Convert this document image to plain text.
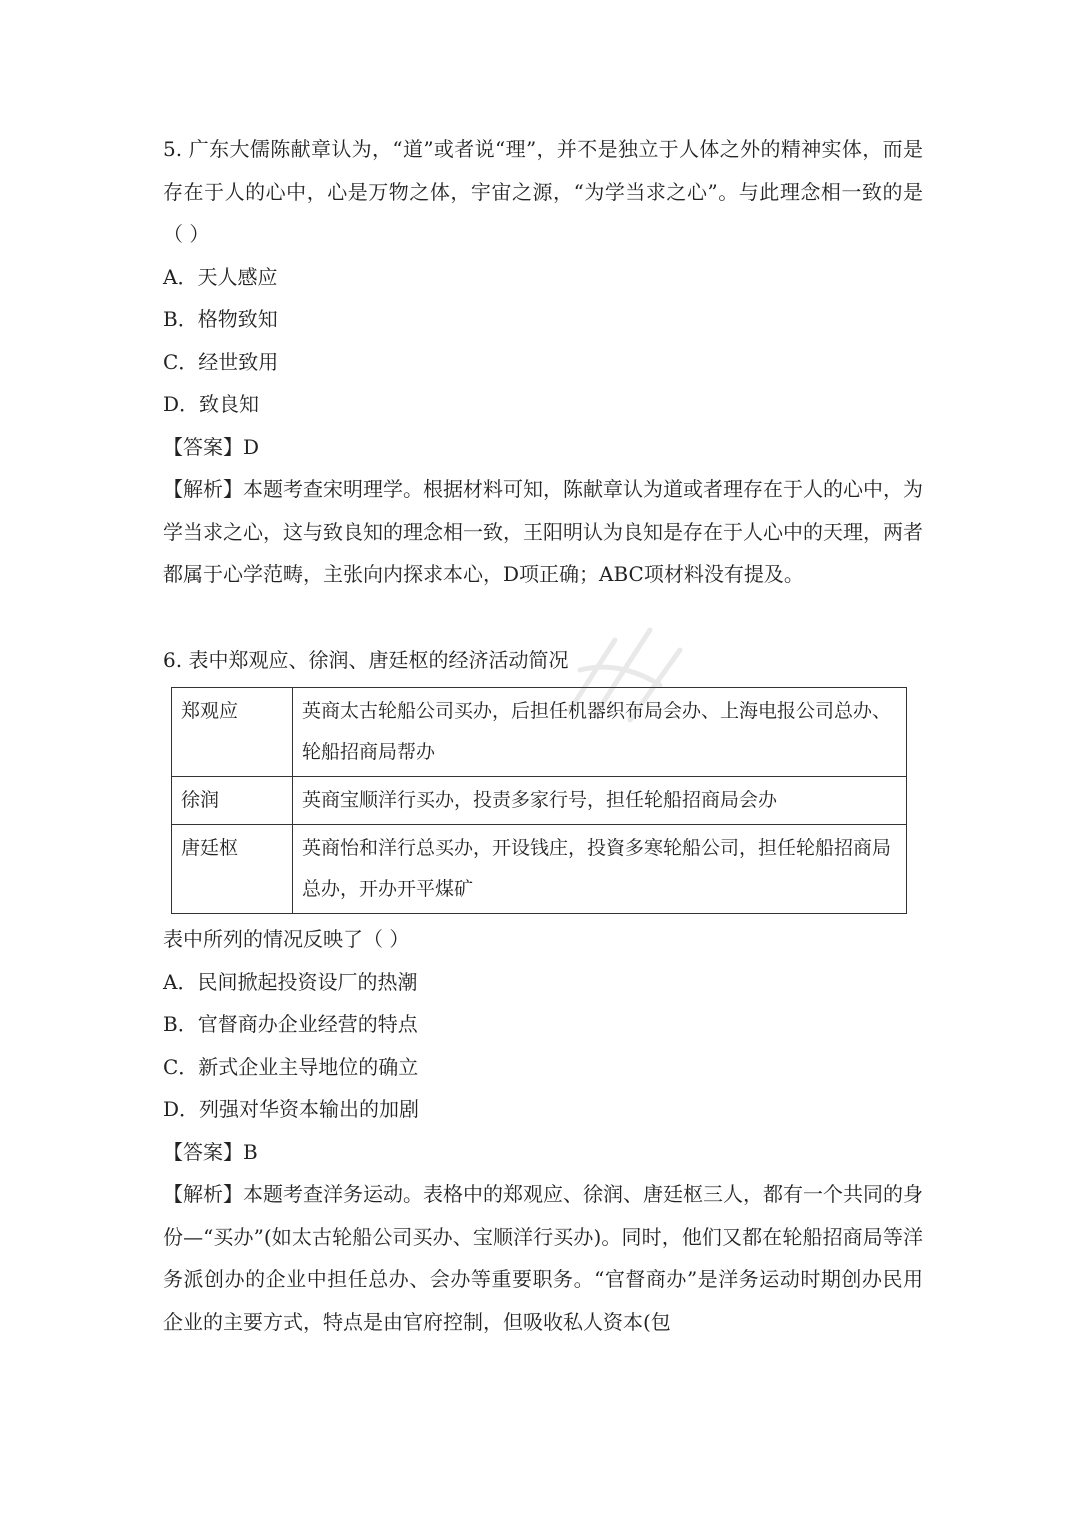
5. 广东大儒陈献章认为，“道”或者说“理”，并不是独立于人体之外的精神实体，而是存在于人的心中，心是万物之体，宇宙之源，“为学当求之心”。与此理念相一致的是（ ）

A．天人感应

B．格物致知

C．经世致用

D．致良知

【答案】D

【解析】本题考查宋明理学。根据材料可知，陈献章认为道或者理存在于人的心中，为学当求之心，这与致良知的理念相一致，王阳明认为良知是存在于人心中的天理，两者都属于心学范畴，主张向内探求本心，D项正确；ABC项材料没有提及。

6. 表中郑观应、徐润、唐廷枢的经济活动简况

郑观应	英商太古轮船公司买办，后担任机器织布局会办、上海电报公司总办、轮船招商局帮办
徐润	英商宝顺洋行买办，投责多家行号，担任轮船招商局会办
唐廷枢	英商怡和洋行总买办，开设钱庄，投資多寒轮船公司，担任轮船招商局总办，开办开平煤矿

表中所列的情况反映了（ ）

A．民间掀起投资设厂的热潮

B．官督商办企业经营的特点

C．新式企业主导地位的确立

D．列强对华资本输出的加剧

【答案】B

【解析】本题考查洋务运动。表格中的郑观应、徐润、唐廷枢三人，都有一个共同的身份—“买办”(如太古轮船公司买办、宝顺洋行买办)。同时，他们又都在轮船招商局等洋务派创办的企业中担任总办、会办等重要职务。“官督商办”是洋务运动时期创办民用企业的主要方式，特点是由官府控制，但吸收私人资本(包
